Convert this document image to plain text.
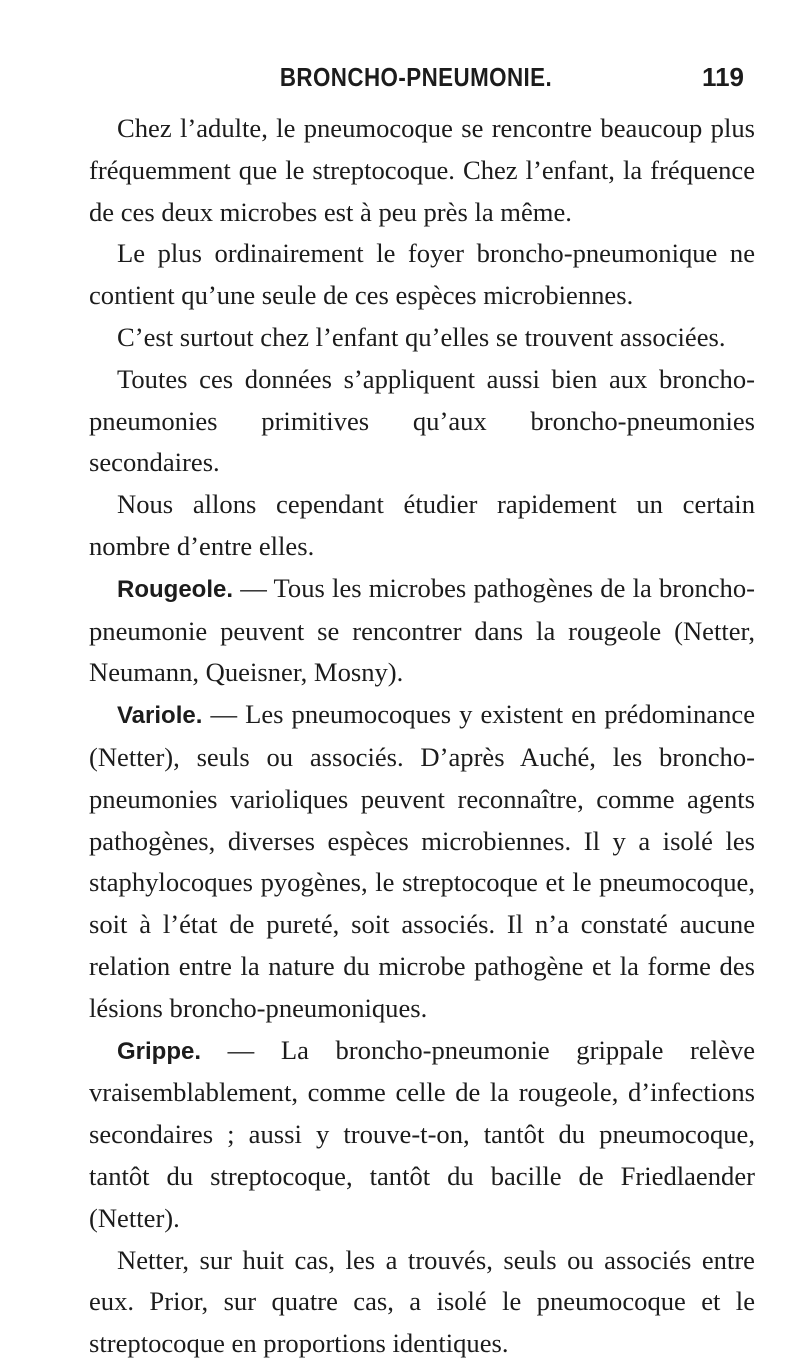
BRONCHO-PNEUMONIE.	119

Chez l’adulte, le pneumocoque se rencontre beaucoup plus fréquemment que le streptocoque. Chez l’enfant, la fréquence de ces deux microbes est à peu près la même.

Le plus ordinairement le foyer broncho-pneumonique ne contient qu’une seule de ces espèces microbiennes.

C’est surtout chez l’enfant qu’elles se trouvent associées.

Toutes ces données s’appliquent aussi bien aux broncho-pneumonies primitives qu’aux broncho-pneumonies secondaires.

Nous allons cependant étudier rapidement un certain nombre d’entre elles.

Rougeole. — Tous les microbes pathogènes de la broncho-pneumonie peuvent se rencontrer dans la rougeole (Netter, Neumann, Queisner, Mosny).

Variole. — Les pneumocoques y existent en prédominance (Netter), seuls ou associés. D’après Auché, les broncho-pneumonies varioliques peuvent reconnaître, comme agents pathogènes, diverses espèces microbiennes. Il y a isolé les staphylocoques pyogènes, le streptocoque et le pneumocoque, soit à l’état de pureté, soit associés. Il n’a constaté aucune relation entre la nature du microbe pathogène et la forme des lésions broncho-pneumoniques.

Grippe. — La broncho-pneumonie grippale relève vraisemblablement, comme celle de la rougeole, d’infections secondaires ; aussi y trouve-t-on, tantôt du pneumocoque, tantôt du streptocoque, tantôt du bacille de Friedlaender (Netter).

Netter, sur huit cas, les a trouvés, seuls ou associés entre eux. Prior, sur quatre cas, a isolé le pneumocoque et le streptocoque en proportions identiques.
